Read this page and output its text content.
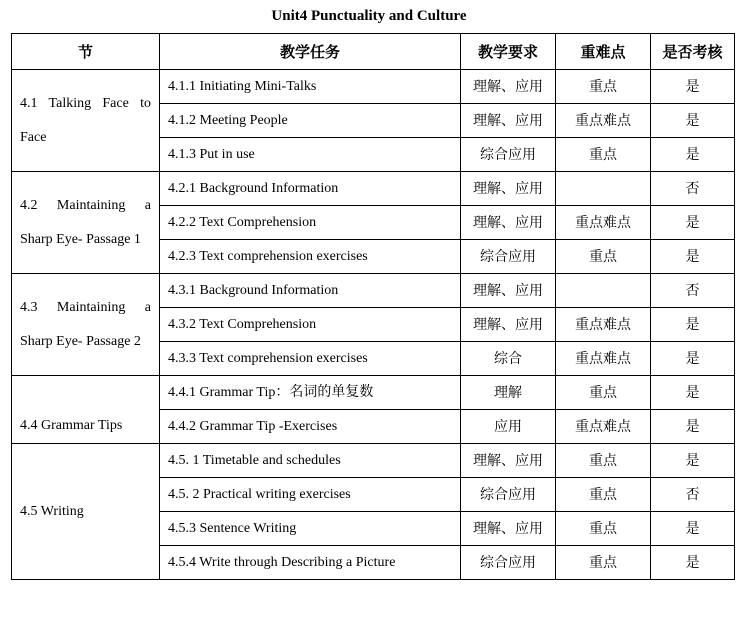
Unit4 Punctuality and Culture
节	教学任务	教学要求	重难点	是否考核
4.1 Talking Face to Face	4.1.1 Initiating Mini-Talks	理解、应用	重点	是
	4.1.2 Meeting People	理解、应用	重点难点	是
	4.1.3 Put in use	综合应用	重点	是
4.2 Maintaining a Sharp Eye- Passage 1	4.2.1 Background Information	理解、应用		否
	4.2.2 Text Comprehension	理解、应用	重点难点	是
	4.2.3 Text comprehension exercises	综合应用	重点	是
4.3 Maintaining a Sharp Eye- Passage 2	4.3.1 Background Information	理解、应用		否
	4.3.2 Text Comprehension	理解、应用	重点难点	是
	4.3.3 Text comprehension exercises	综合	重点难点	是
4.4 Grammar Tips	4.4.1 Grammar Tip：名词的单复数	理解	重点	是
	4.4.2 Grammar Tip -Exercises	应用	重点难点	是
4.5 Writing	4.5. 1 Timetable and schedules	理解、应用	重点	是
	4.5. 2 Practical writing exercises	综合应用	重点	否
	4.5.3 Sentence Writing	理解、应用	重点	是
	4.5.4 Write through Describing a Picture	综合应用	重点	是
